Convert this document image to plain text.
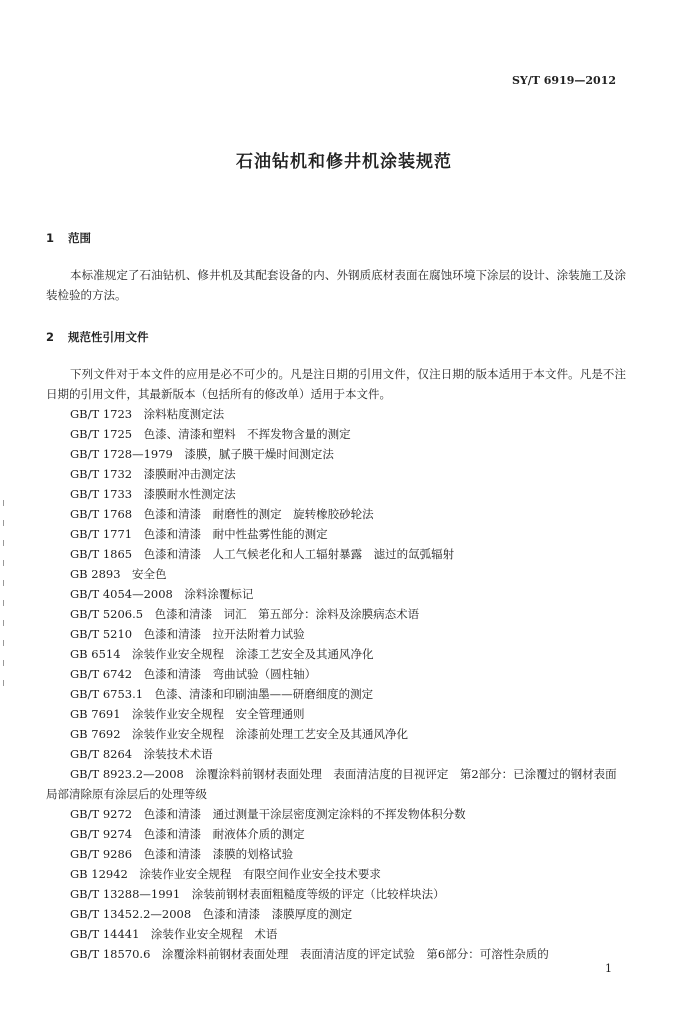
SY/T 6919—2012
石油钻机和修井机涂装规范
1 范围
本标准规定了石油钻机、修井机及其配套设备的内、外钢质底材表面在腐蚀环境下涂层的设计、涂装施工及涂装检验的方法。
2 规范性引用文件
下列文件对于本文件的应用是必不可少的。凡是注日期的引用文件，仅注日期的版本适用于本文件。凡是不注日期的引用文件，其最新版本（包括所有的修改单）适用于本文件。
GB/T 1723　涂料粘度测定法
GB/T 1725　色漆、清漆和塑料　不挥发物含量的测定
GB/T 1728—1979　漆膜，腻子膜干燥时间测定法
GB/T 1732　漆膜耐冲击测定法
GB/T 1733　漆膜耐水性测定法
GB/T 1768　色漆和清漆　耐磨性的测定　旋转橡胶砂轮法
GB/T 1771　色漆和清漆　耐中性盐雾性能的测定
GB/T 1865　色漆和清漆　人工气候老化和人工辐射暴露　滤过的氙弧辐射
GB 2893　安全色
GB/T 4054—2008　涂料涂覆标记
GB/T 5206.5　色漆和清漆　词汇　第五部分：涂料及涂膜病态术语
GB/T 5210　色漆和清漆　拉开法附着力试验
GB 6514　涂装作业安全规程　涂漆工艺安全及其通风净化
GB/T 6742　色漆和清漆　弯曲试验（圆柱轴）
GB/T 6753.1　色漆、清漆和印刷油墨——研磨细度的测定
GB 7691　涂装作业安全规程　安全管理通则
GB 7692　涂装作业安全规程　涂漆前处理工艺安全及其通风净化
GB/T 8264　涂装技术术语
GB/T 8923.2—2008　涂覆涂料前钢材表面处理　表面清洁度的目视评定　第2部分：已涂覆过的钢材表面局部清除原有涂层后的处理等级
GB/T 9272　色漆和清漆　通过测量干涂层密度测定涂料的不挥发物体积分数
GB/T 9274　色漆和清漆　耐液体介质的测定
GB/T 9286　色漆和清漆　漆膜的划格试验
GB 12942　涂装作业安全规程　有限空间作业安全技术要求
GB/T 13288—1991　涂装前钢材表面粗糙度等级的评定（比较样块法）
GB/T 13452.2—2008　色漆和清漆　漆膜厚度的测定
GB/T 14441　涂装作业安全规程　术语
GB/T 18570.6　涂覆涂料前钢材表面处理　表面清洁度的评定试验　第6部分：可溶性杂质的
1
